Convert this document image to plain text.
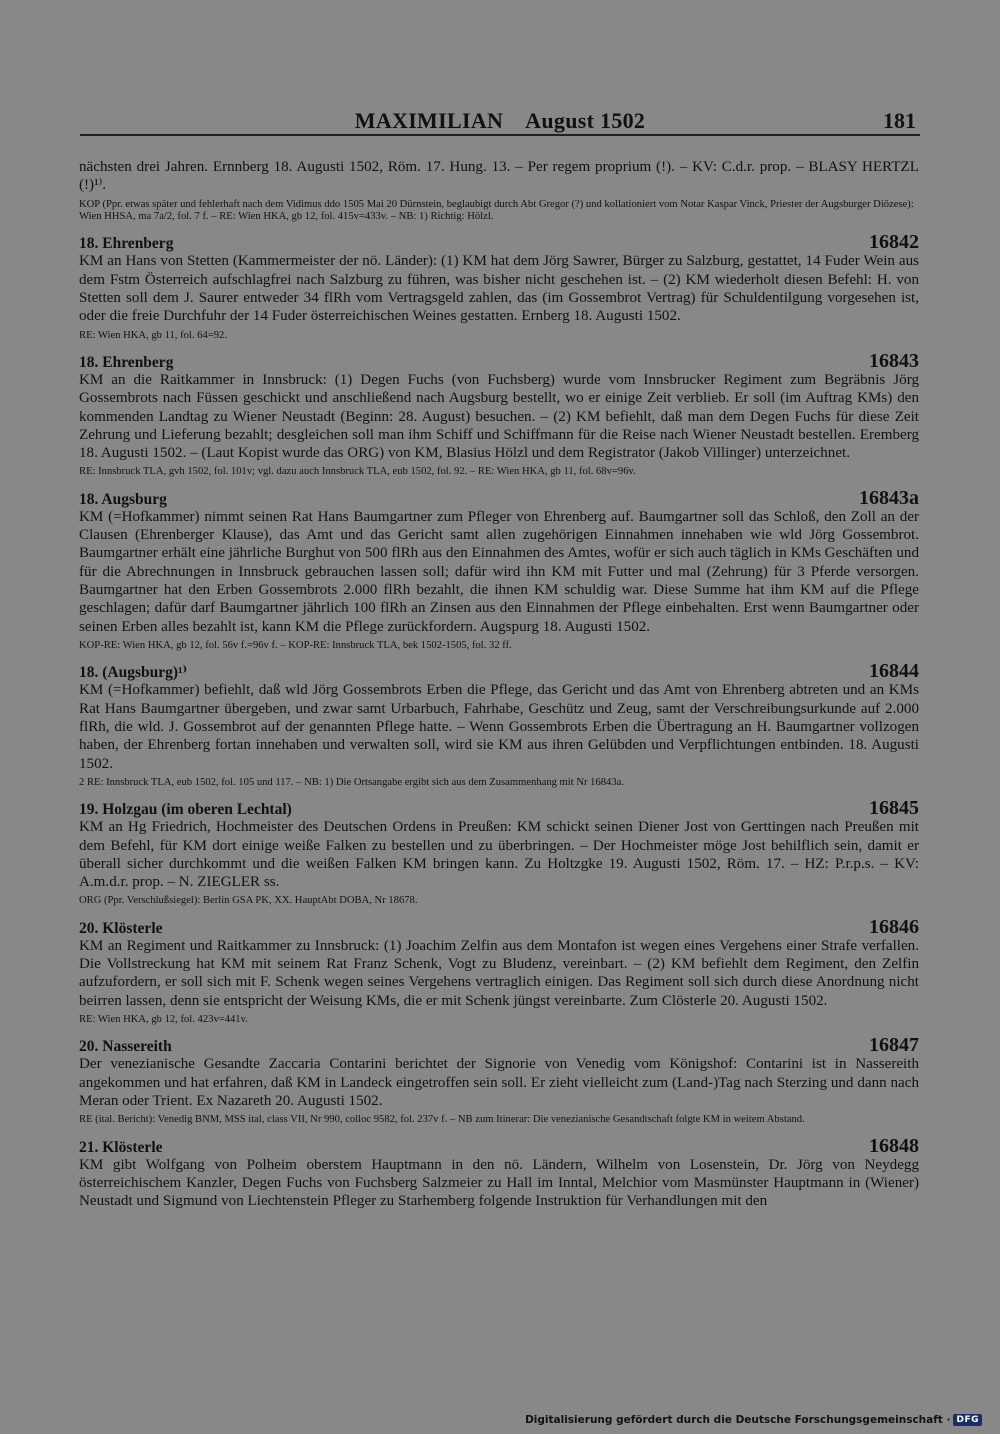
MAXIMILIAN    August 1502	181

nächsten drei Jahren. Ernnberg 18. Augusti 1502, Röm. 17. Hung. 13. – Per regem proprium (!). – KV: C.d.r. prop. – BLASY HERTZL (!)¹⁾.

KOP (Ppr. etwas später und fehlerhaft nach dem Vidimus ddo 1505 Mai 20 Dürnstein, beglaubigt durch Abt Gregor (?) und kollationiert vom Notar Kaspar Vinck, Priester der Augsburger Diözese): Wien HHSA, ma 7a/2, fol. 7 f. – RE: Wien HKA, gb 12, fol. 415v=433v. – NB: 1) Richtig: Hölzl.

18. Ehrenberg	16842

KM an Hans von Stetten (Kammermeister der nö. Länder): (1) KM hat dem Jörg Sawrer, Bürger zu Salzburg, gestattet, 14 Fuder Wein aus dem Fstm Österreich aufschlagfrei nach Salzburg zu führen, was bisher nicht geschehen ist. – (2) KM wiederholt diesen Befehl: H. von Stetten soll dem J. Saurer entweder 34 flRh vom Vertragsgeld zahlen, das (im Gossembrot Vertrag) für Schuldentilgung vorgesehen ist, oder die freie Durchfuhr der 14 Fuder österreichischen Weines gestatten. Ernberg 18. Augusti 1502.

RE: Wien HKA, gb 11, fol. 64=92.

18. Ehrenberg	16843

KM an die Raitkammer in Innsbruck: (1) Degen Fuchs (von Fuchsberg) wurde vom Innsbrucker Regiment zum Begräbnis Jörg Gossembrots nach Füssen geschickt und anschließend nach Augsburg bestellt, wo er einige Zeit verblieb. Er soll (im Auftrag KMs) den kommenden Landtag zu Wiener Neustadt (Beginn: 28. August) besuchen. – (2) KM befiehlt, daß man dem Degen Fuchs für diese Zeit Zehrung und Lieferung bezahlt; desgleichen soll man ihm Schiff und Schiffmann für die Reise nach Wiener Neustadt bestellen. Eremberg 18. Augusti 1502. – (Laut Kopist wurde das ORG) von KM, Blasius Hölzl und dem Registrator (Jakob Villinger) unterzeichnet.

RE: Innsbruck TLA, gvh 1502, fol. 101v; vgl. dazu auch Innsbruck TLA, eub 1502, fol. 92. – RE: Wien HKA, gb 11, fol. 68v=96v.

18. Augsburg	16843a

KM (=Hofkammer) nimmt seinen Rat Hans Baumgartner zum Pfleger von Ehrenberg auf. Baumgartner soll das Schloß, den Zoll an der Clausen (Ehrenberger Klause), das Amt und das Gericht samt allen zugehörigen Einnahmen innehaben wie wld Jörg Gossembrot. Baumgartner erhält eine jährliche Burghut von 500 flRh aus den Einnahmen des Amtes, wofür er sich auch täglich in KMs Geschäften und für die Abrechnungen in Innsbruck gebrauchen lassen soll; dafür wird ihn KM mit Futter und mal (Zehrung) für 3 Pferde versorgen. Baumgartner hat den Erben Gossembrots 2.000 flRh bezahlt, die ihnen KM schuldig war. Diese Summe hat ihm KM auf die Pflege geschlagen; dafür darf Baumgartner jährlich 100 flRh an Zinsen aus den Einnahmen der Pflege einbehalten. Erst wenn Baumgartner oder seinen Erben alles bezahlt ist, kann KM die Pflege zurückfordern. Augspurg 18. Augusti 1502.

KOP-RE: Wien HKA, gb 12, fol. 56v f.=96v f. – KOP-RE: Innsbruck TLA, bek 1502-1505, fol. 32 ff.

18. (Augsburg)¹⁾	16844

KM (=Hofkammer) befiehlt, daß wld Jörg Gossembrots Erben die Pflege, das Gericht und das Amt von Ehrenberg abtreten und an KMs Rat Hans Baumgartner übergeben, und zwar samt Urbarbuch, Fahrhabe, Geschütz und Zeug, samt der Verschreibungsurkunde auf 2.000 flRh, die wld. J. Gossembrot auf der genannten Pflege hatte. – Wenn Gossembrots Erben die Übertragung an H. Baumgartner vollzogen haben, der Ehrenberg fortan innehaben und verwalten soll, wird sie KM aus ihren Gelübden und Verpflichtungen entbinden. 18. Augusti 1502.

2 RE: Innsbruck TLA, eub 1502, fol. 105 und 117. – NB: 1) Die Ortsangabe ergibt sich aus dem Zusammenhang mit Nr 16843a.

19. Holzgau (im oberen Lechtal)	16845

KM an Hg Friedrich, Hochmeister des Deutschen Ordens in Preußen: KM schickt seinen Diener Jost von Gerttingen nach Preußen mit dem Befehl, für KM dort einige weiße Falken zu bestellen und zu überbringen. – Der Hochmeister möge Jost behilflich sein, damit er überall sicher durchkommt und die weißen Falken KM bringen kann. Zu Holtzgke 19. Augusti 1502, Röm. 17. – HZ: P.r.p.s. – KV: A.m.d.r. prop. – N. ZIEGLER ss.

ORG (Ppr. Verschlußsiegel): Berlin GSA PK, XX. HauptAbt DOBA, Nr 18678.

20. Klösterle	16846

KM an Regiment und Raitkammer zu Innsbruck: (1) Joachim Zelfin aus dem Montafon ist wegen eines Vergehens einer Strafe verfallen. Die Vollstreckung hat KM mit seinem Rat Franz Schenk, Vogt zu Bludenz, vereinbart. – (2) KM befiehlt dem Regiment, den Zelfin aufzufordern, er soll sich mit F. Schenk wegen seines Vergehens vertraglich einigen. Das Regiment soll sich durch diese Anordnung nicht beirren lassen, denn sie entspricht der Weisung KMs, die er mit Schenk jüngst vereinbarte. Zum Clösterle 20. Augusti 1502.

RE: Wien HKA, gb 12, fol. 423v=441v.

20. Nassereith	16847

Der venezianische Gesandte Zaccaria Contarini berichtet der Signorie von Venedig vom Königshof: Contarini ist in Nassereith angekommen und hat erfahren, daß KM in Landeck eingetroffen sein soll. Er zieht vielleicht zum (Land-)Tag nach Sterzing und dann nach Meran oder Trient. Ex Nazareth 20. Augusti 1502.

RE (ital. Bericht): Venedig BNM, MSS ital, class VII, Nr 990, colloc 9582, fol. 237v f. – NB zum Itinerar: Die venezianische Gesandtschaft folgte KM in weitem Abstand.

21. Klösterle	16848

KM gibt Wolfgang von Polheim oberstem Hauptmann in den nö. Ländern, Wilhelm von Losenstein, Dr. Jörg von Neydegg österreichischem Kanzler, Degen Fuchs von Fuchsberg Salzmeier zu Hall im Inntal, Melchior vom Masmünster Hauptmann in (Wiener) Neustadt und Sigmund von Liechtenstein Pfleger zu Starhemberg folgende Instruktion für Verhandlungen mit den

Digitalisierung gefördert durch die Deutsche Forschungsgemeinschaft · DFG
